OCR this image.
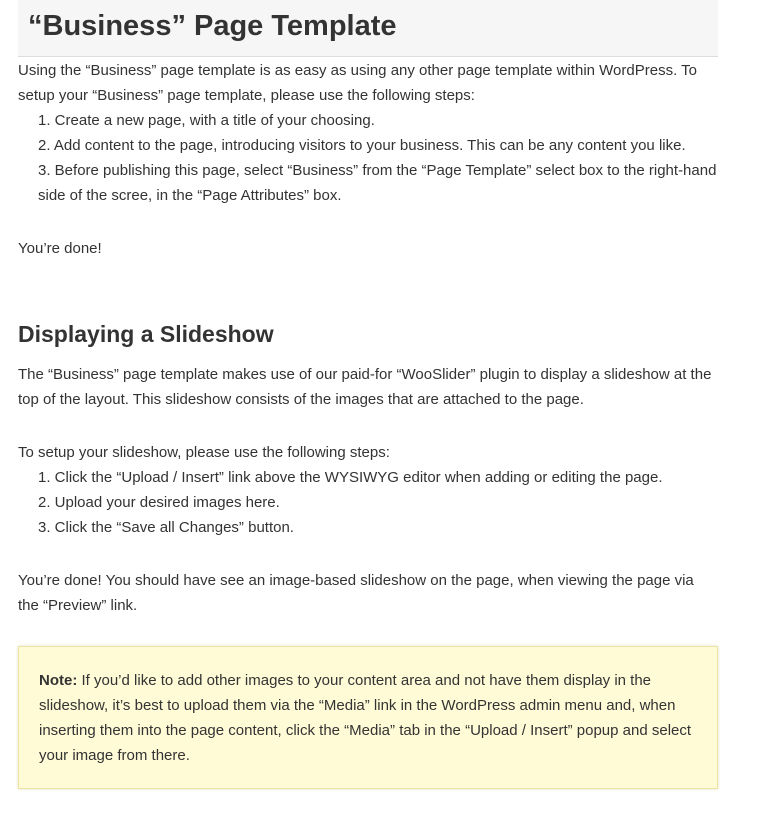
“Business” Page Template

Using the “Business” page template is as easy as using any other page template within WordPress. To setup your “Business” page template, please use the following steps:

1. Create a new page, with a title of your choosing.
2. Add content to the page, introducing visitors to your business. This can be any content you like.
3. Before publishing this page, select “Business” from the “Page Template” select box to the right-hand side of the scree, in the “Page Attributes” box.

You’re done!

Displaying a Slideshow

The “Business” page template makes use of our paid-for “WooSlider” plugin to display a slideshow at the top of the layout. This slideshow consists of the images that are attached to the page.

To setup your slideshow, please use the following steps:

1. Click the “Upload / Insert” link above the WYSIWYG editor when adding or editing the page.
2. Upload your desired images here.
3. Click the “Save all Changes” button.

You’re done! You should have see an image-based slideshow on the page, when viewing the page via the “Preview” link.

Note: If you’d like to add other images to your content area and not have them display in the slideshow, it’s best to upload them via the “Media” link in the WordPress admin menu and, when inserting them into the page content, click the “Media” tab in the “Upload / Insert” popup and select your image from there.
